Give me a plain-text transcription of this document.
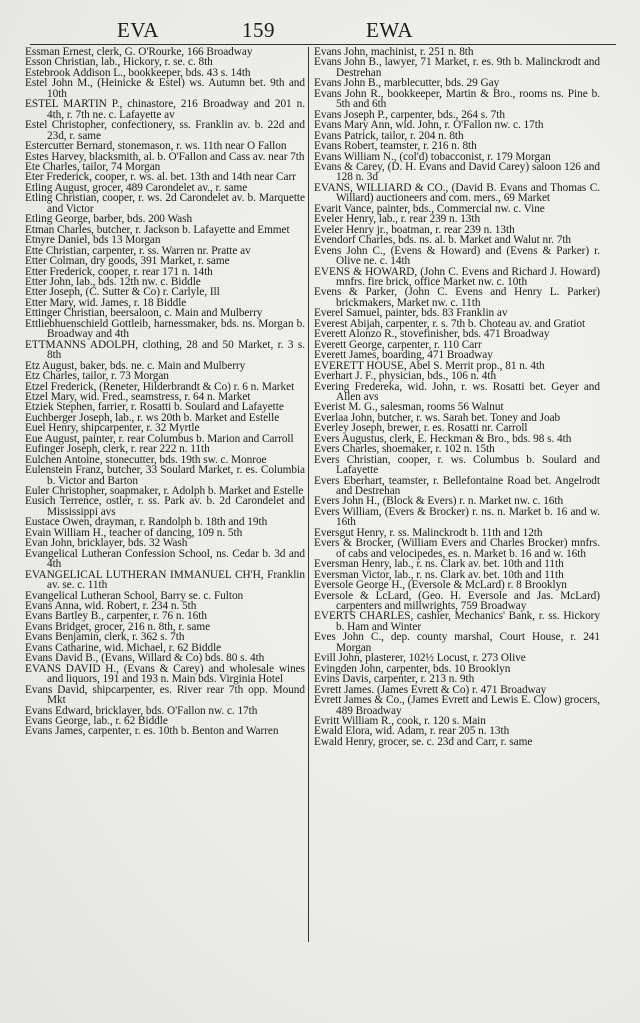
EVA	159	EWA

Essman Ernest, clerk, G. O'Rourke, 166 Broadway

Esson Christian, lab., Hickory, r. se. c. 8th

Estebrook Addison L., bookkeeper, bds. 43 s. 14th

Estel John M., (Heinicke & Estel) ws. Autumn bet. 9th and 10th

ESTEL MARTIN P., chinastore, 216 Broadway and 201 n. 4th, r. 7th ne. c. Lafayette av

Estel Christopher, confectionery, ss. Franklin av. b. 22d and 23d, r. same

Estercutter Bernard, stonemason, r. ws. 11th near O Fallon

Estes Harvey, blacksmith, al. b. O'Fallon and Cass av. near 7th

Ete Charles, tailor, 74 Morgan

Eter Frederick, cooper, r. ws. al. bet. 13th and 14th near Carr

Etling August, grocer, 489 Carondelet av., r. same

Etling Christian, cooper, r. ws. 2d Carondelet av. b. Marquette and Victor

Etling George, barber, bds. 200 Wash

Etman Charles, butcher, r. Jackson b. Lafayette and Emmet

Etnyre Daniel, bds 13 Morgan

Ette Christian, carpenter, r. ss. Warren nr. Pratte av

Etter Colman, dry goods, 391 Market, r. same

Etter Frederick, cooper, r. rear 171 n. 14th

Etter John, lab., bds. 12th nw. c. Biddle

Etter Joseph, (C. Sutter & Co) r. Carlyle, Ill

Etter Mary, wid. James, r. 18 Biddle

Ettinger Christian, beersaloon, c. Main and Mulberry

Ettliebhuenschield Gottleib, harnessmaker, bds. ns. Morgan b. Broadway and 4th

ETTMANNS ADOLPH, clothing, 28 and 50 Market, r. 3 s. 8th

Etz August, baker, bds. ne. c. Main and Mulberry

Etz Charles, tailor, r. 73 Morgan

Etzel Frederick, (Reneter, Hilderbrandt & Co) r. 6 n. Market

Etzel Mary, wid. Fred., seamstress, r. 64 n. Market

Etziek Stephen, farrier, r. Rosatti b. Soulard and Lafayette

Euchberger Joseph, lab., r. ws 20th b. Market and Estelle

Euel Henry, shipcarpenter, r. 32 Myrtle

Eue August, painter, r. rear Columbus b. Marion and Carroll

Eufinger Joseph, clerk, r. rear 222 n. 11th

Eulchen Antoine, stonecutter, bds. 19th sw. c. Monroe

Eulenstein Franz, butcher, 33 Soulard Market, r. es. Columbia b. Victor and Barton

Euler Christopher, soapmaker, r. Adolph b. Market and Estelle

Eusich Terrence, ostler, r. ss. Park av. b. 2d Carondelet and Mississippi avs

Eustace Owen, drayman, r. Randolph b. 18th and 19th

Evain William H., teacher of dancing, 109 n. 5th

Evan John, bricklayer, bds. 32 Wash

Evangelical Lutheran Confession School, ns. Cedar b. 3d and 4th

EVANGELICAL LUTHERAN IMMANUEL CH'H, Franklin av. se. c. 11th

Evangelical Lutheran School, Barry se. c. Fulton

Evans Anna, wid. Robert, r. 234 n. 5th

Evans Bartley B., carpenter, r. 76 n. 16th

Evans Bridget, grocer, 216 n. 8th, r. same

Evans Benjamin, clerk, r. 362 s. 7th

Evans Catharine, wid. Michael, r. 62 Biddle

Evans David B., (Evans, Willard & Co) bds. 80 s. 4th

EVANS DAVID H., (Evans & Carey) and wholesale wines and liquors, 191 and 193 n. Main bds. Virginia Hotel

Evans David, shipcarpenter, es. River rear 7th opp. Mound Mkt

Evans Edward, bricklayer, bds. O'Fallon nw. c. 17th

Evans George, lab., r. 62 Biddle

Evans James, carpenter, r. es. 10th b. Benton and Warren

Evans John, machinist, r. 251 n. 8th

Evans John B., lawyer, 71 Market, r. es. 9th b. Malinckrodt and Destrehan

Evans John B., marblecutter, bds. 29 Gay

Evans John R., bookkeeper, Martin & Bro., rooms ns. Pine b. 5th and 6th

Evans Joseph P., carpenter, bds., 264 s. 7th

Evans Mary Ann, wid. John, r. O'Fallon nw. c. 17th

Evans Patrick, tailor, r. 204 n. 8th

Evans Robert, teamster, r. 216 n. 8th

Evans William N., (col'd) tobacconist, r. 179 Morgan

Evans & Carey, (D. H. Evans and David Carey) saloon 126 and 128 n. 3d

EVANS, WILLIARD & CO., (David B. Evans and Thomas C. Willard) auctioneers and com. mers., 69 Market

Evarit Vance, painter, bds., Commercial nw. c. Vine

Eveler Henry, lab., r. rear 239 n. 13th

Eveler Henry jr., boatman, r. rear 239 n. 13th

Evendorf Charles, bds. ns. al. b. Market and Walut nr. 7th

Evens John C., (Evens & Howard) and (Evens & Parker) r. Olive ne. c. 14th

EVENS & HOWARD, (John C. Evens and Richard J. Howard) mnfrs. fire brick, office Market nw. c. 10th

Evens & Parker, (John C. Evens and Henry L. Parker) brickmakers, Market nw. c. 11th

Everel Samuel, painter, bds. 83 Franklin av

Everest Abijah, carpenter, r. s. 7th b. Choteau av. and Gratiot

Everett Alonzo R., stovefinisher, bds. 471 Broadway

Everett George, carpenter, r. 110 Carr

Everett James, boarding, 471 Broadway

EVERETT HOUSE, Abel S. Merrit prop., 81 n. 4th

Everhart J. F., physician, bds., 106 n. 4th

Evering Fredereka, wid. John, r. ws. Rosatti bet. Geyer and Allen avs

Everist M. G., salesman, rooms 56 Walnut

Everlaa John, butcher, r. ws. Sarah bet. Toney and Joab

Everley Joseph, brewer, r. es. Rosatti nr. Carroll

Evers Augustus, clerk, E. Heckman & Bro., bds. 98 s. 4th

Evers Charles, shoemaker, r. 102 n. 15th

Evers Christian, cooper, r. ws. Columbus b. Soulard and Lafayette

Evers Eberhart, teamster, r. Bellefontaine Road bet. Angelrodt and Destrehan

Evers John H., (Block & Evers) r. n. Market nw. c. 16th

Evers William, (Evers & Brocker) r. ns. n. Market b. 16 and w. 16th

Eversgut Henry, r. ss. Malinckrodt b. 11th and 12th

Evers & Brocker, (William Evers and Charles Brocker) mnfrs. of cabs and velocipedes, es. n. Market b. 16 and w. 16th

Eversman Henry, lab., r. ns. Clark av. bet. 10th and 11th

Eversman Victor, lab., r. ns. Clark av. bet. 10th and 11th

Eversole George H., (Eversole & McLard) r. 8 Brooklyn

Eversole & LcLard, (Geo. H. Eversole and Jas. McLard) carpenters and millwrights, 759 Broadway

EVERTS CHARLES, cashier, Mechanics' Bank, r. ss. Hickory b. Ham and Winter

Eves John C., dep. county marshal, Court House, r. 241 Morgan

Evill John, plasterer, 102½ Locust, r. 273 Olive

Evingden John, carpenter, bds. 10 Brooklyn

Evins Davis, carpenter, r. 213 n. 9th

Evrett James. (James Evrett & Co) r. 471 Broadway

Evrett James & Co., (James Evrett and Lewis E. Clow) grocers, 489 Broadway

Evritt William R., cook, r. 120 s. Main

Ewald Elora, wid. Adam, r. rear 205 n. 13th

Ewald Henry, grocer, se. c. 23d and Carr, r. same
